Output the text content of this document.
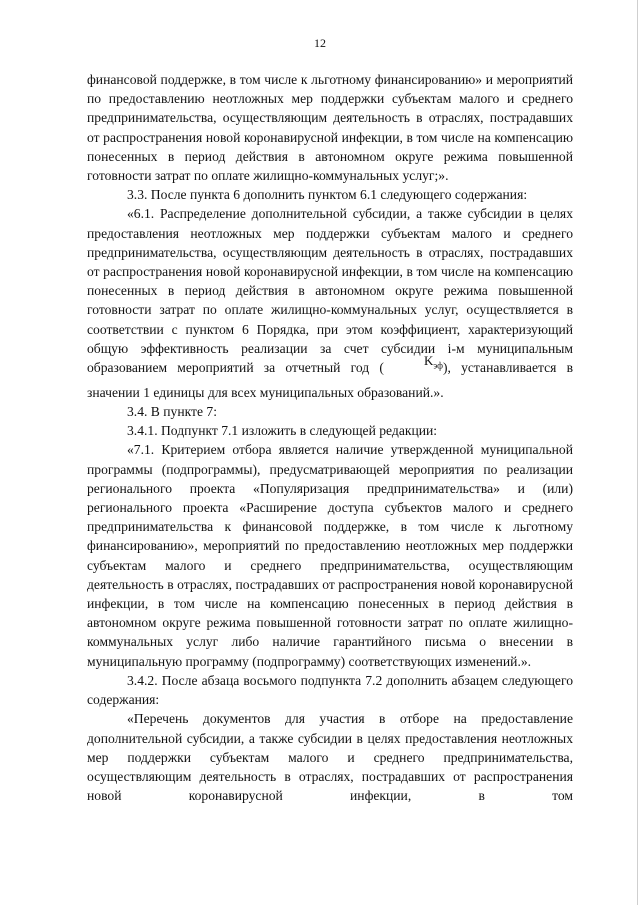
12

финансовой поддержке, в том числе к льготному финансированию» и мероприятий по предоставлению неотложных мер поддержки субъектам малого и среднего предпринимательства, осуществляющим деятельность в отраслях, пострадавших от распространения новой коронавирусной инфекции, в том числе на компенсацию понесенных в период действия в автономном округе режима повышенной готовности затрат по оплате жилищно-коммунальных услуг;».

3.3. После пункта 6 дополнить пунктом 6.1 следующего содержания:

«6.1. Распределение дополнительной субсидии, а также субсидии в целях предоставления неотложных мер поддержки субъектам малого и среднего предпринимательства, осуществляющим деятельность в отраслях, пострадавших от распространения новой коронавирусной инфекции, в том числе на компенсацию понесенных в период действия в автономном округе режима повышенной готовности затрат по оплате жилищно-коммунальных услуг, осуществляется в соответствии с пунктом 6 Порядка, при этом коэффициент, характеризующий общую эффективность реализации за счет субсидии i-м муниципальным образованием мероприятий за отчетный год (	$K_{эф}$), устанавливается в значении 1 единицы для всех муниципальных образований.».

3.4. В пункте 7:

3.4.1. Подпункт 7.1 изложить в следующей редакции:

«7.1. Критерием отбора является наличие утвержденной муниципальной программы (подпрограммы), предусматривающей мероприятия по реализации регионального проекта «Популяризация предпринимательства» и (или) регионального проекта «Расширение доступа субъектов малого и среднего предпринимательства к финансовой поддержке, в том числе к льготному финансированию», мероприятий по предоставлению неотложных мер поддержки субъектам малого и среднего предпринимательства, осуществляющим деятельность в отраслях, пострадавших от распространения новой коронавирусной инфекции, в том числе на компенсацию понесенных в период действия в автономном округе режима повышенной готовности затрат по оплате жилищно-коммунальных услуг либо наличие гарантийного письма о внесении в муниципальную программу (подпрограмму) соответствующих изменений.».

3.4.2. После абзаца восьмого подпункта 7.2 дополнить абзацем следующего содержания:

«Перечень документов для участия в отборе на предоставление дополнительной субсидии, а также субсидии в целях предоставления неотложных мер поддержки субъектам малого и среднего предпринимательства, осуществляющим деятельность в отраслях, пострадавших от распространения новой коронавирусной инфекции, в том
